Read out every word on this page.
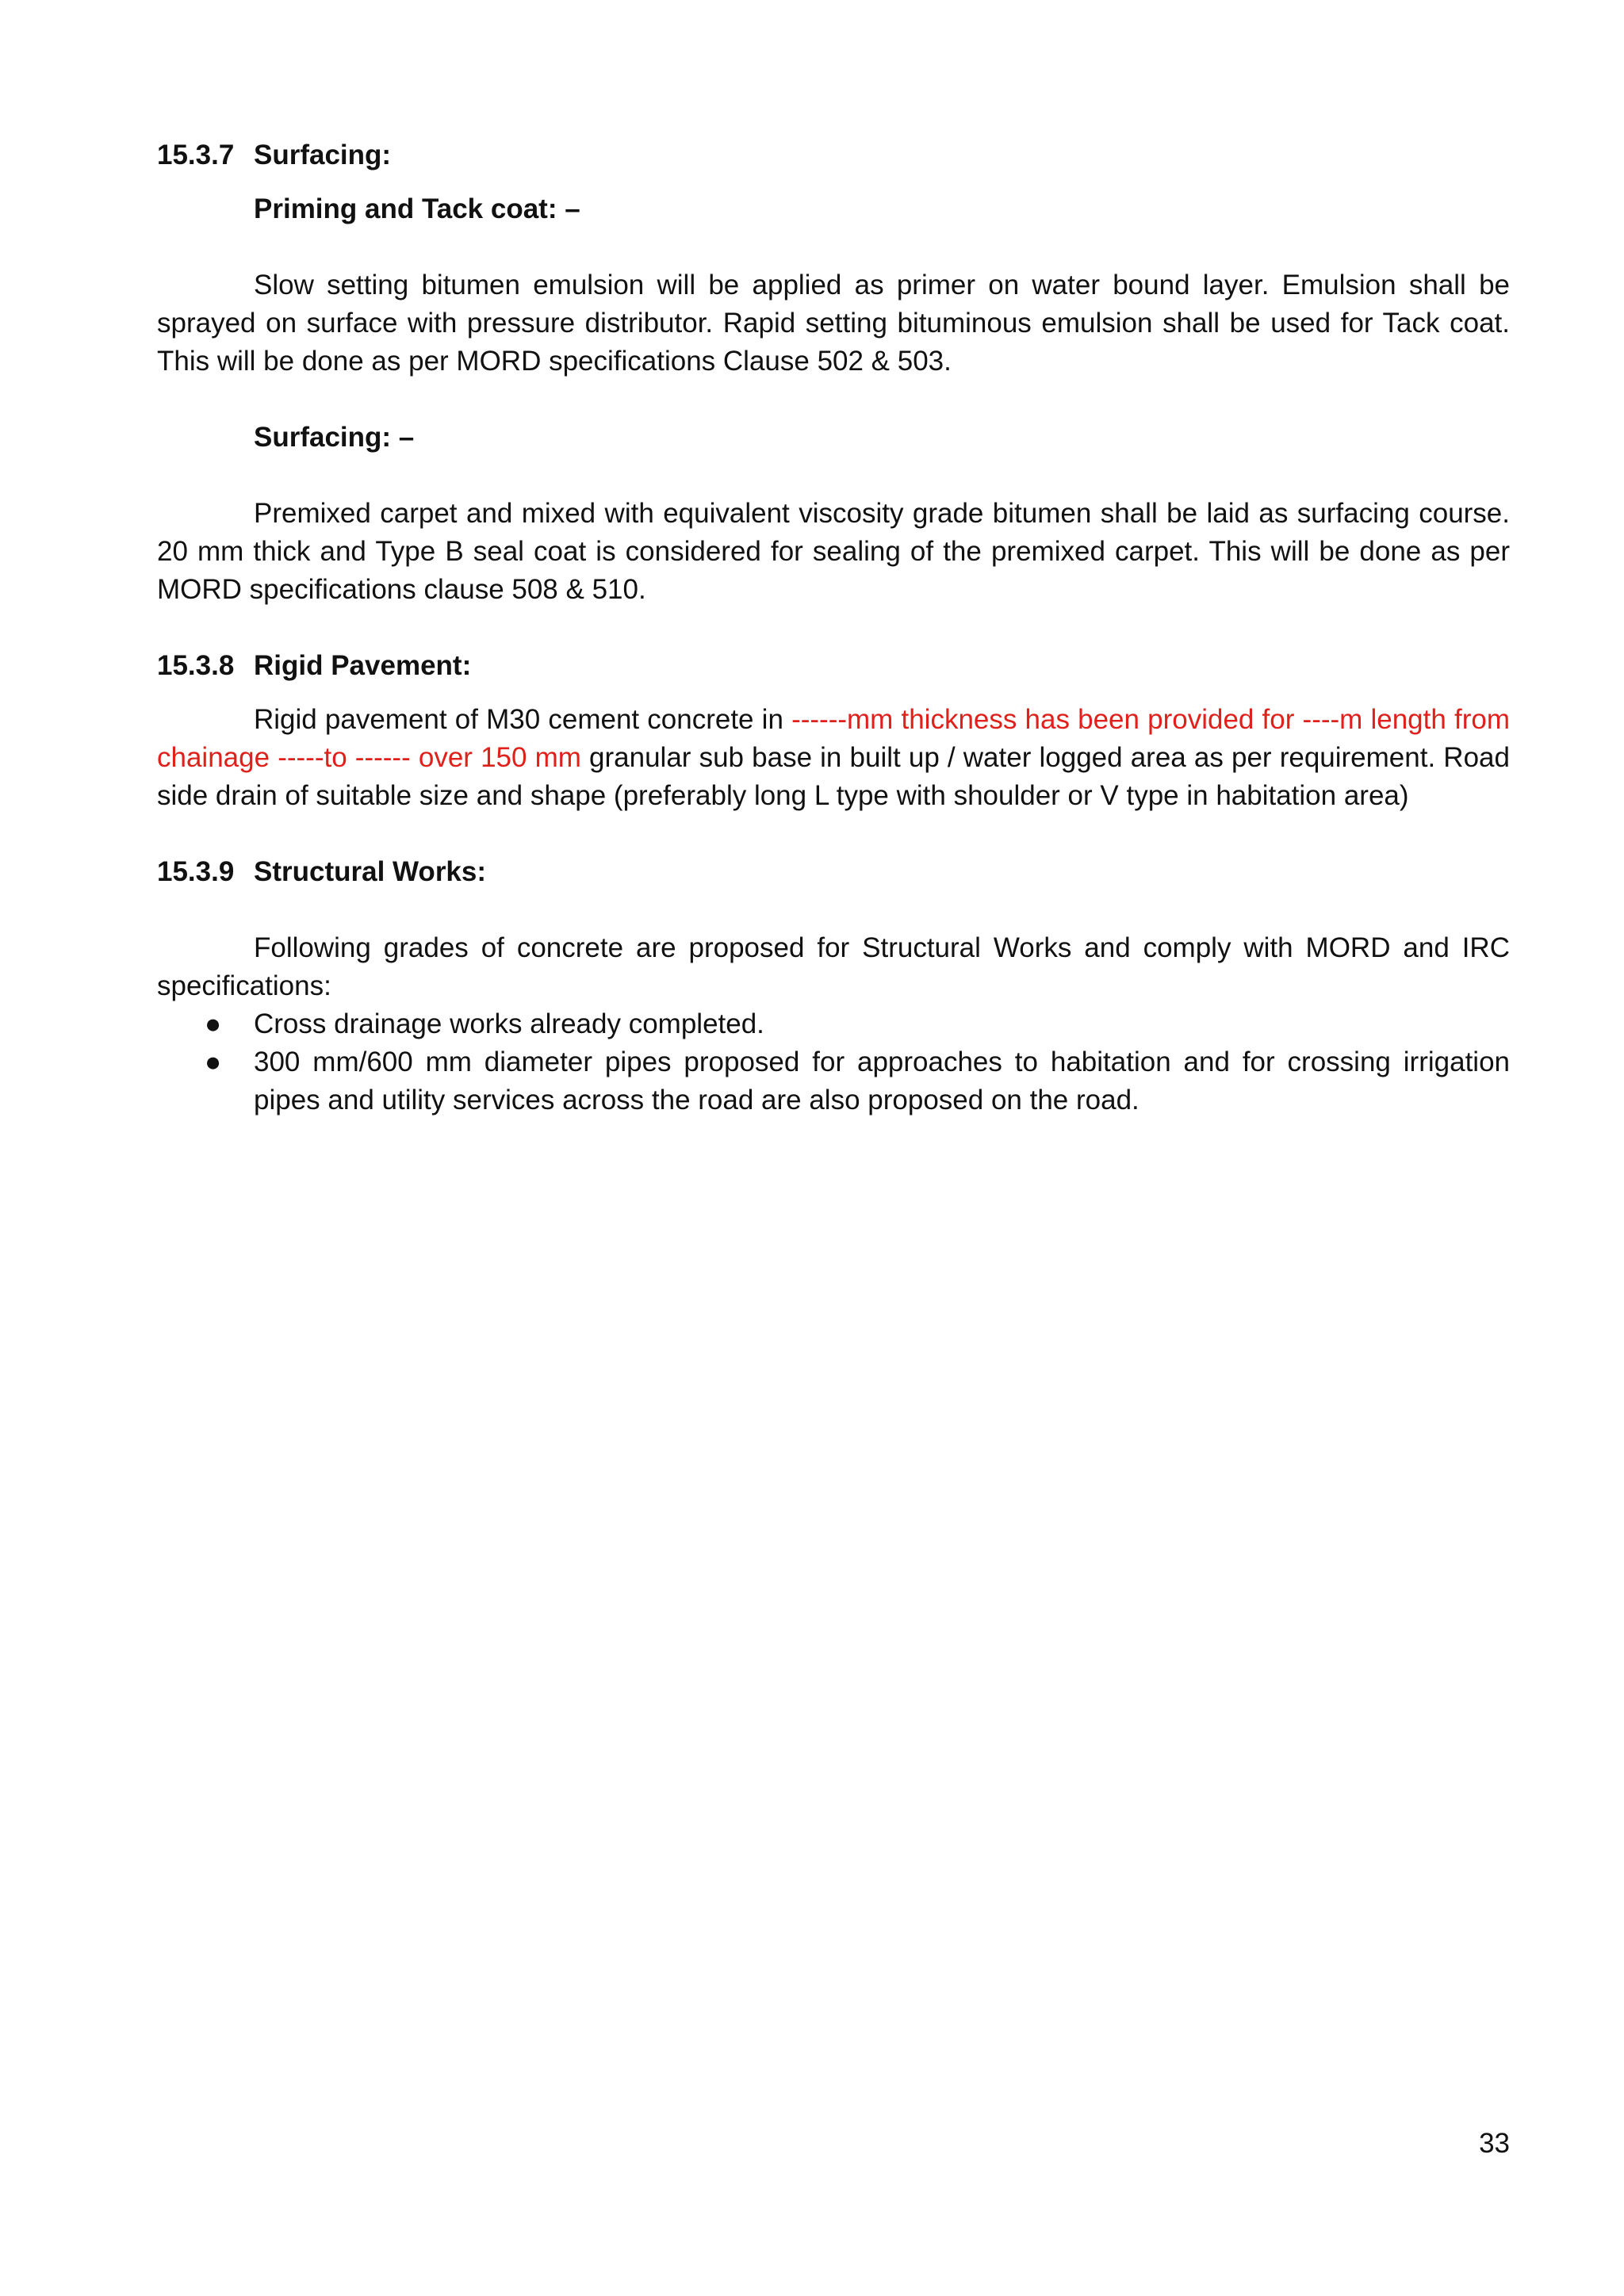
15.3.7 Surfacing:

Priming and Tack coat: –

Slow setting bitumen emulsion will be applied as primer on water bound layer. Emulsion shall be sprayed on surface with pressure distributor. Rapid setting bituminous emulsion shall be used for Tack coat. This will be done as per MORD specifications Clause 502 & 503.

Surfacing: –

Premixed carpet and mixed with equivalent viscosity grade bitumen shall be laid as surfacing course. 20 mm thick and Type B seal coat is considered for sealing of the premixed carpet. This will be done as per MORD specifications clause 508 & 510.

15.3.8 Rigid Pavement:

Rigid pavement of M30 cement concrete in ------mm thickness has been provided for ----m length from chainage -----to ------ over 150 mm granular sub base in built up / water logged area as per requirement. Road side drain of suitable size and shape (preferably long L type with shoulder or V type in habitation area)

15.3.9 Structural Works:

Following grades of concrete are proposed for Structural Works and comply with MORD and IRC specifications:

● Cross drainage works already completed.
● 300 mm/600 mm diameter pipes proposed for approaches to habitation and for crossing irrigation pipes and utility services across the road are also proposed on the road.
33
